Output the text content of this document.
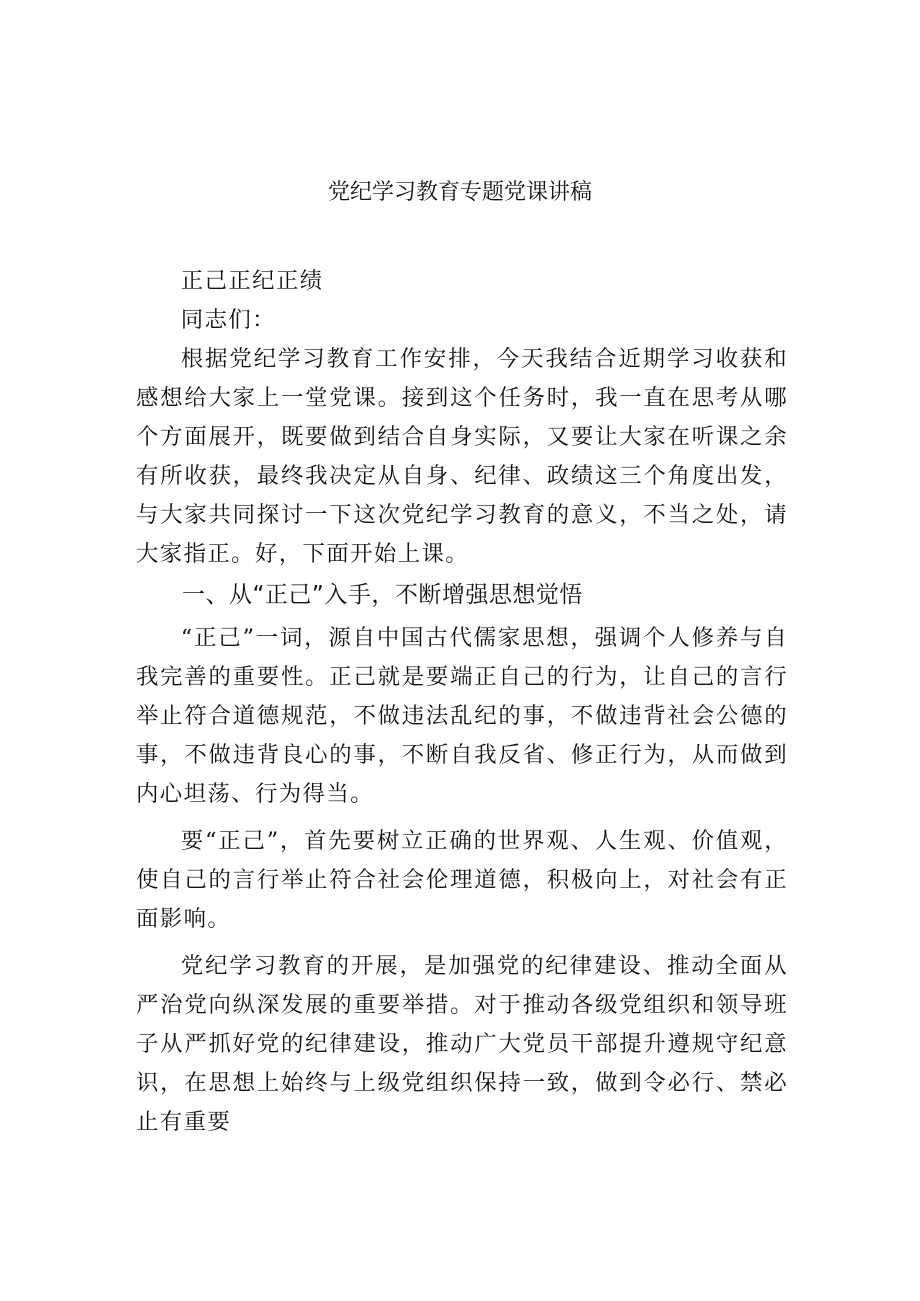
党纪学习教育专题党课讲稿

正己正纪正绩

同志们：

根据党纪学习教育工作安排，今天我结合近期学习收获和感想给大家上一堂党课。接到这个任务时，我一直在思考从哪个方面展开，既要做到结合自身实际，又要让大家在听课之余有所收获，最终我决定从自身、纪律、政绩这三个角度出发，与大家共同探讨一下这次党纪学习教育的意义，不当之处，请大家指正。好，下面开始上课。

一、从“正己”入手，不断增强思想觉悟

“正己”一词，源自中国古代儒家思想，强调个人修养与自我完善的重要性。正己就是要端正自己的行为，让自己的言行举止符合道德规范，不做违法乱纪的事，不做违背社会公德的事，不做违背良心的事，不断自我反省、修正行为，从而做到内心坦荡、行为得当。

要“正己”，首先要树立正确的世界观、人生观、价值观，使自己的言行举止符合社会伦理道德，积极向上，对社会有正面影响。

党纪学习教育的开展，是加强党的纪律建设、推动全面从严治党向纵深发展的重要举措。对于推动各级党组织和领导班子从严抓好党的纪律建设，推动广大党员干部提升遵规守纪意识，在思想上始终与上级党组织保持一致，做到令必行、禁必止有重要
